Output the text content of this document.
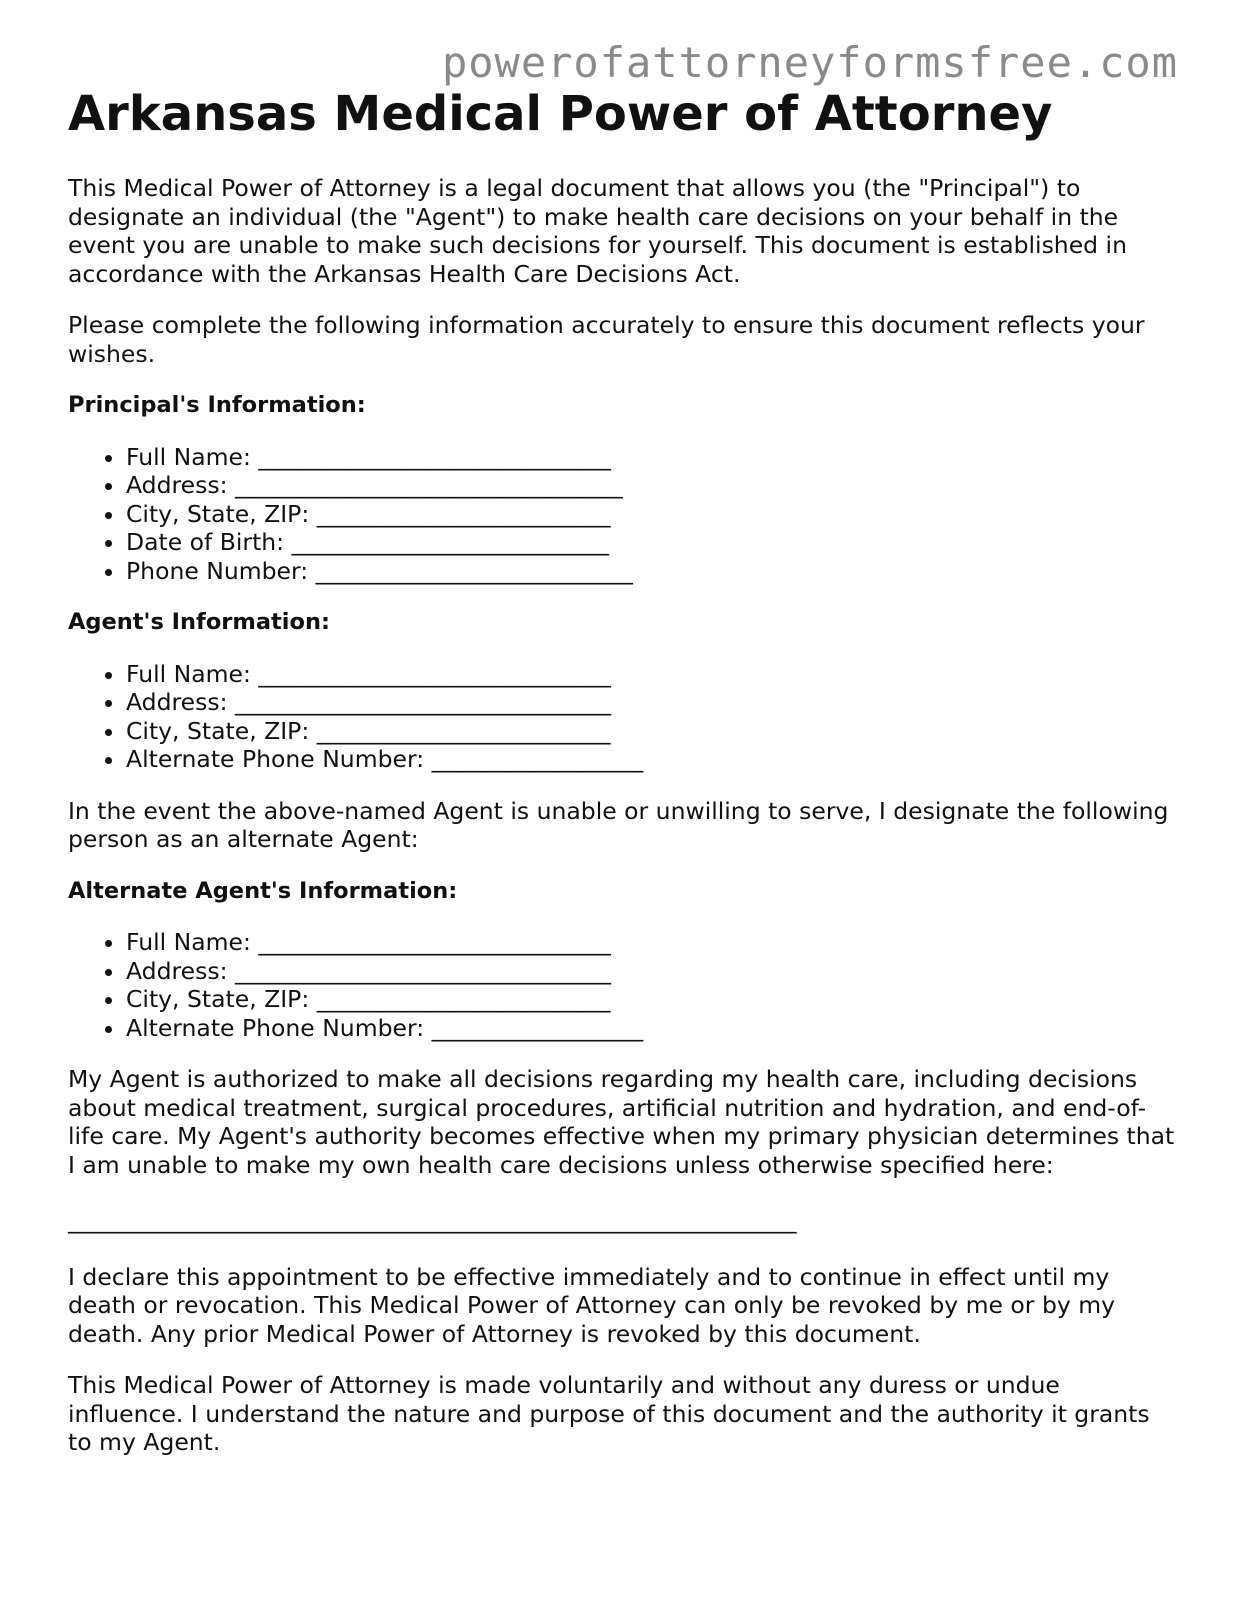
powerofattorneyformsfree.com
Arkansas Medical Power of Attorney

This Medical Power of Attorney is a legal document that allows you (the "Principal") to designate an individual (the "Agent") to make health care decisions on your behalf in the event you are unable to make such decisions for yourself. This document is established in accordance with the Arkansas Health Care Decisions Act.

Please complete the following information accurately to ensure this document reflects your wishes.

Principal's Information:
• Full Name: ______________________________
• Address: _________________________________
• City, State, ZIP: _________________________
• Date of Birth: ___________________________
• Phone Number: ___________________________
Agent's Information:
• Full Name: ______________________________
• Address: ________________________________
• City, State, ZIP: _________________________
• Alternate Phone Number: __________________

In the event the above-named Agent is unable or unwilling to serve, I designate the following person as an alternate Agent:

Alternate Agent's Information:
• Full Name: ______________________________
• Address: ________________________________
• City, State, ZIP: _________________________
• Alternate Phone Number: __________________

My Agent is authorized to make all decisions regarding my health care, including decisions about medical treatment, surgical procedures, artificial nutrition and hydration, and end-of-life care. My Agent's authority becomes effective when my primary physician determines that I am unable to make my own health care decisions unless otherwise specified here:

______________________________________________________________

I declare this appointment to be effective immediately and to continue in effect until my death or revocation. This Medical Power of Attorney can only be revoked by me or by my death. Any prior Medical Power of Attorney is revoked by this document.

This Medical Power of Attorney is made voluntarily and without any duress or undue influence. I understand the nature and purpose of this document and the authority it grants to my Agent.
